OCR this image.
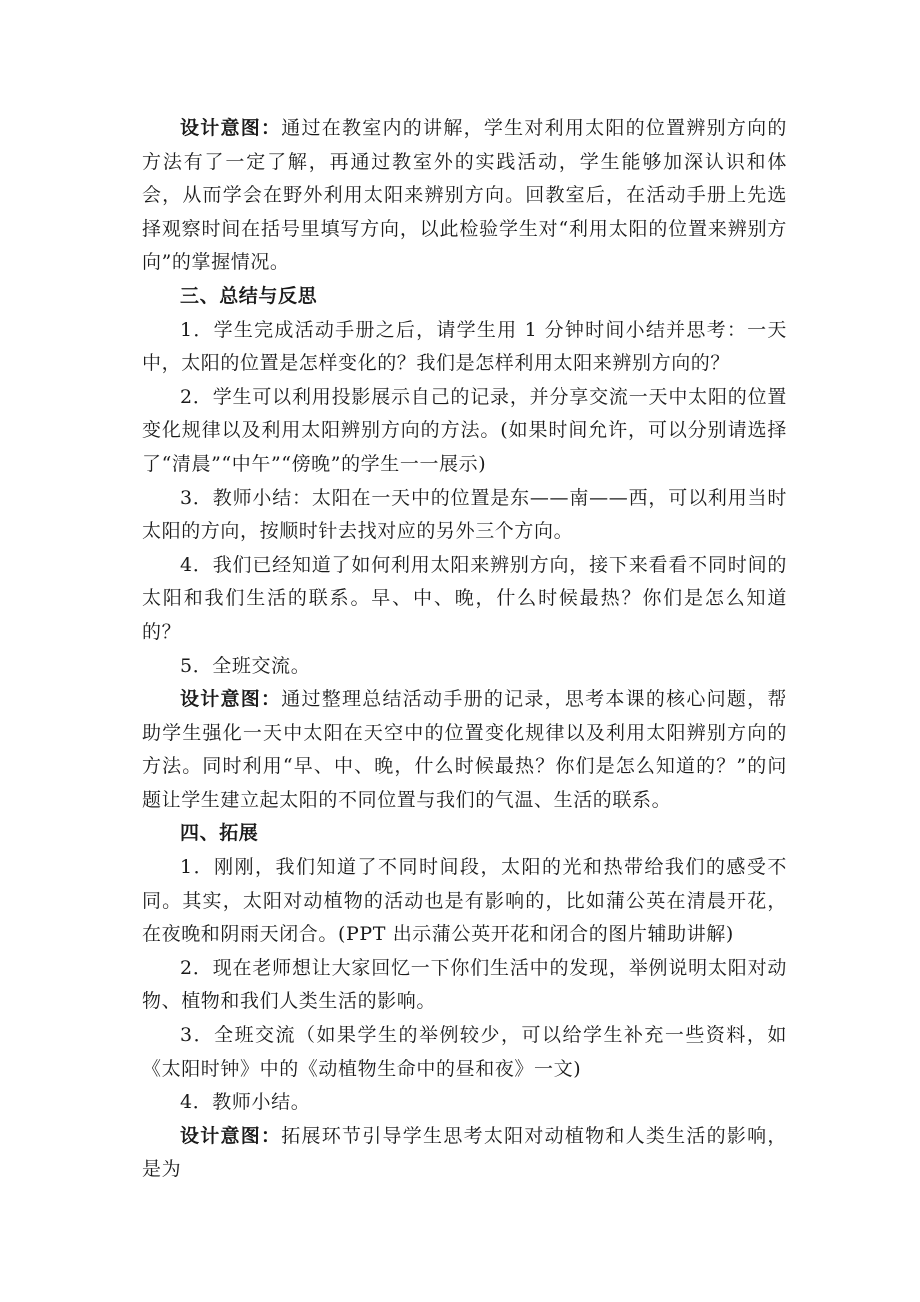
设计意图：通过在教室内的讲解，学生对利用太阳的位置辨别方向的方法有了一定了解，再通过教室外的实践活动，学生能够加深认识和体会，从而学会在野外利用太阳来辨别方向。回教室后，在活动手册上先选择观察时间在括号里填写方向，以此检验学生对“利用太阳的位置来辨别方向”的掌握情况。

三、总结与反思

1．学生完成活动手册之后，请学生用 1 分钟时间小结并思考：一天中，太阳的位置是怎样变化的？我们是怎样利用太阳来辨别方向的？

2．学生可以利用投影展示自己的记录，并分享交流一天中太阳的位置变化规律以及利用太阳辨别方向的方法。(如果时间允许，可以分别请选择了“清晨”“中午”“傍晚”的学生一一展示)

3．教师小结：太阳在一天中的位置是东——南——西，可以利用当时太阳的方向，按顺时针去找对应的另外三个方向。

4．我们已经知道了如何利用太阳来辨别方向，接下来看看不同时间的太阳和我们生活的联系。早、中、晚，什么时候最热？你们是怎么知道的？

5．全班交流。

设计意图：通过整理总结活动手册的记录，思考本课的核心问题，帮助学生强化一天中太阳在天空中的位置变化规律以及利用太阳辨别方向的方法。同时利用“早、中、晚，什么时候最热？你们是怎么知道的？”的问题让学生建立起太阳的不同位置与我们的气温、生活的联系。

四、拓展

1．刚刚，我们知道了不同时间段，太阳的光和热带给我们的感受不同。其实，太阳对动植物的活动也是有影响的，比如蒲公英在清晨开花，在夜晚和阴雨天闭合。(PPT 出示蒲公英开花和闭合的图片辅助讲解)

2．现在老师想让大家回忆一下你们生活中的发现，举例说明太阳对动物、植物和我们人类生活的影响。

3．全班交流（如果学生的举例较少，可以给学生补充一些资料，如《太阳时钟》中的《动植物生命中的昼和夜》一文)

4．教师小结。

设计意图：拓展环节引导学生思考太阳对动植物和人类生活的影响，是为
